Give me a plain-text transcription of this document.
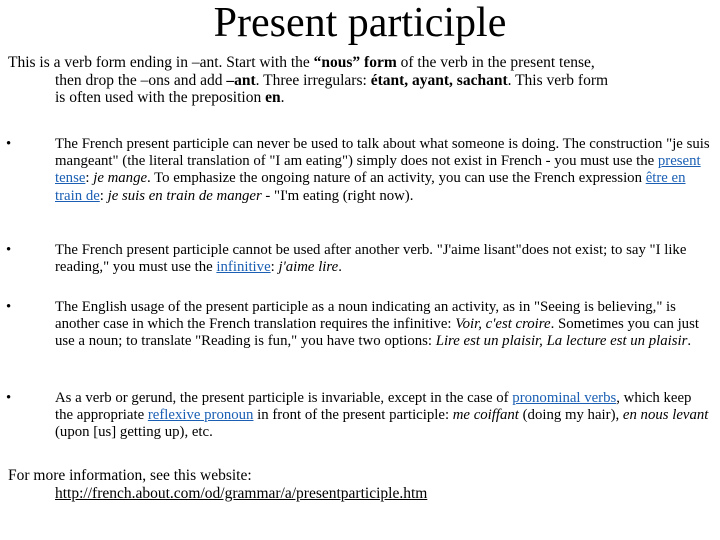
Present participle
This is a verb form ending in –ant. Start with the “nous” form of the verb in the present tense,
then drop the –ons and add –ant. Three irregulars: étant, ayant, sachant. This verb form
is often used with the preposition en.
•	The French present participle can never be used to talk about what someone is doing. The construction "je suis mangeant" (the literal translation of "I am eating") simply does not exist in French - you must use the present tense: je mange. To emphasize the ongoing nature of an activity, you can use the French expression être en train de: je suis en train de manger - "I'm eating (right now).
•	The French present participle cannot be used after another verb. "J'aime lisant"does not exist; to say "I like reading," you must use the infinitive: j'aime lire.
•	The English usage of the present participle as a noun indicating an activity, as in "Seeing is believing," is another case in which the French translation requires the infinitive: Voir, c'est croire. Sometimes you can just use a noun; to translate "Reading is fun," you have two options: Lire est un plaisir, La lecture est un plaisir.
•	As a verb or gerund, the present participle is invariable, except in the case of pronominal verbs, which keep the appropriate reflexive pronoun in front of the present participle: me coiffant (doing my hair), en nous levant (upon [us] getting up), etc.
For more information, see this website:
http://french.about.com/od/grammar/a/presentparticiple.htm
